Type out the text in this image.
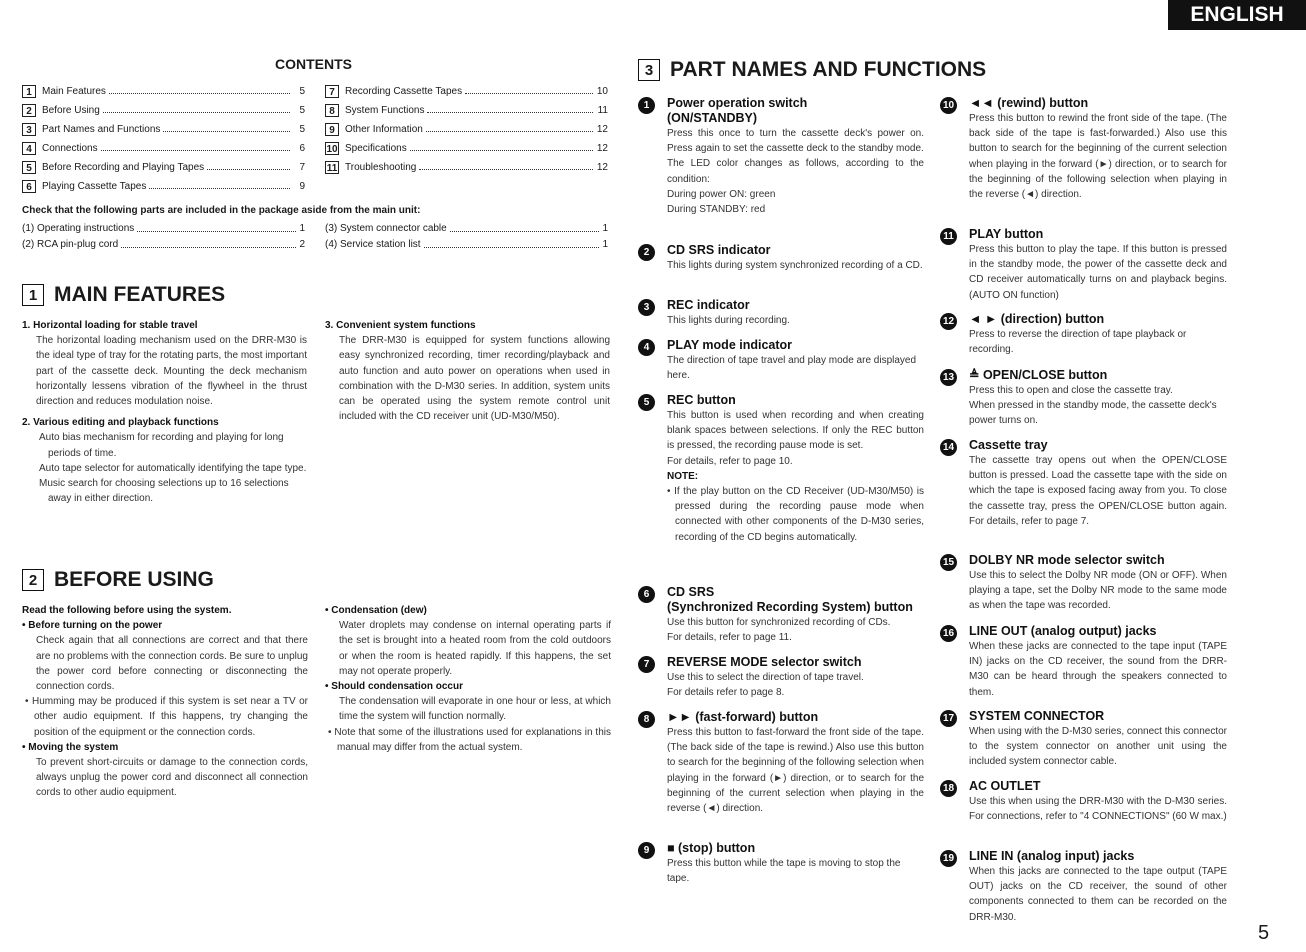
ENGLISH
CONTENTS
1	Main Features	5
2	Before Using	5
3	Part Names and Functions	5
4	Connections	6
5	Before Recording and Playing Tapes	7
6	Playing Cassette Tapes	9
7	Recording Cassette Tapes	10
8	System Functions	11
9	Other Information	12
10 Specifications	12
11 Troubleshooting	12
Check that the following parts are included in the package aside from the main unit:
(1) Operating instructions	1
(2) RCA pin-plug cord	2
(3) System connector cable	1
(4) Service station list	1
1 MAIN FEATURES
1. Horizontal loading for stable travel
The horizontal loading mechanism used on the DRR-M30 is the ideal type of tray for the rotating parts, the most important part of the cassette deck. Mounting the deck mechanism horizontally lessens vibration of the flywheel in the thrust direction and reduces modulation noise.
2. Various editing and playback functions
Auto bias mechanism for recording and playing for long periods of time.
Auto tape selector for automatically identifying the tape type.
Music search for choosing selections up to 16 selections away in either direction.
3. Convenient system functions
The DRR-M30 is equipped for system functions allowing easy synchronized recording, timer recording/playback and auto function and auto power on operations when used in combination with the D-M30 series. In addition, system units can be operated using the system remote control unit included with the CD receiver unit (UD-M30/M50).
2 BEFORE USING
Read the following before using the system.
• Before turning on the power
Check again that all connections are correct and that there are no problems with the connection cords. Be sure to unplug the power cord before connecting or disconnecting the connection cords.
• Humming may be produced if this system is set near a TV or other audio equipment. If this happens, try changing the position of the equipment or the connection cords.
• Moving the system
To prevent short-circuits or damage to the connection cords, always unplug the power cord and disconnect all connection cords to other audio equipment.
• Condensation (dew)
Water droplets may condense on internal operating parts if the set is brought into a heated room from the cold outdoors or when the room is heated rapidly. If this happens, the set may not operate properly.
• Should condensation occur
The condensation will evaporate in one hour or less, at which time the system will function normally.
• Note that some of the illustrations used for explanations in this manual may differ from the actual system.
3 PART NAMES AND FUNCTIONS
1	Power operation switch
(ON/STANDBY)
Press this once to turn the cassette deck's power on. Press again to set the cassette deck to the standby mode.
The LED color changes as follows, according to the condition:
During power ON: green
During STANDBY: red
2	CD SRS indicator
This lights during system synchronized recording of a CD.
3	REC indicator
This lights during recording.
4	PLAY mode indicator
The direction of tape travel and play mode are displayed here.
5	REC button
This button is used when recording and when creating blank spaces between selections. If only the REC button is pressed, the recording pause mode is set.
For details, refer to page 10.
NOTE:
• If the play button on the CD Receiver (UD-M30/M50) is pressed during the recording pause mode when connected with other components of the D-M30 series, recording of the CD begins automatically.
6	CD SRS
(Synchronized Recording System) button
Use this button for synchronized recording of CDs.
For details, refer to page 11.
7	REVERSE MODE selector switch
Use this to select the direction of tape travel.
For details refer to page 8.
8	►► (fast-forward) button
Press this button to fast-forward the front side of the tape. (The back side of the tape is rewind.) Also use this button to search for the beginning of the following selection when playing in the forward (►) direction, or to search for the beginning of the current selection when playing in the reverse (◄) direction.
9	■ (stop) button
Press this button while the tape is moving to stop the tape.
10 ◄◄ (rewind) button
Press this button to rewind the front side of the tape. (The back side of the tape is fast-forwarded.) Also use this button to search for the beginning of the current selection when playing in the forward (►) direction, or to search for the beginning of the following selection when playing in the reverse (◄) direction.
11 PLAY button
Press this button to play the tape. If this button is pressed in the standby mode, the power of the cassette deck and CD receiver automatically turns on and playback begins. (AUTO ON function)
12 ◄ ► (direction) button
Press to reverse the direction of tape playback or recording.
13 ≜ OPEN/CLOSE button
Press this to open and close the cassette tray.
When pressed in the standby mode, the cassette deck's power turns on.
14 Cassette tray
The cassette tray opens out when the OPEN/CLOSE button is pressed. Load the cassette tape with the side on which the tape is exposed facing away from you. To close the cassette tray, press the OPEN/CLOSE button again. For details, refer to page 7.
15 DOLBY NR mode selector switch
Use this to select the Dolby NR mode (ON or OFF). When playing a tape, set the Dolby NR mode to the same mode as when the tape was recorded.
16 LINE OUT (analog output) jacks
When these jacks are connected to the tape input (TAPE IN) jacks on the CD receiver, the sound from the DRR-M30 can be heard through the speakers connected to them.
17 SYSTEM CONNECTOR
When using with the D-M30 series, connect this connector to the system connector on another unit using the included system connector cable.
18 AC OUTLET
Use this when using the DRR-M30 with the D-M30 series. For connections, refer to "4 CONNECTIONS" (60 W max.)
19 LINE IN (analog input) jacks
When this jacks are connected to the tape output (TAPE OUT) jacks on the CD receiver, the sound of other components connected to them can be recorded on the DRR-M30.
5
